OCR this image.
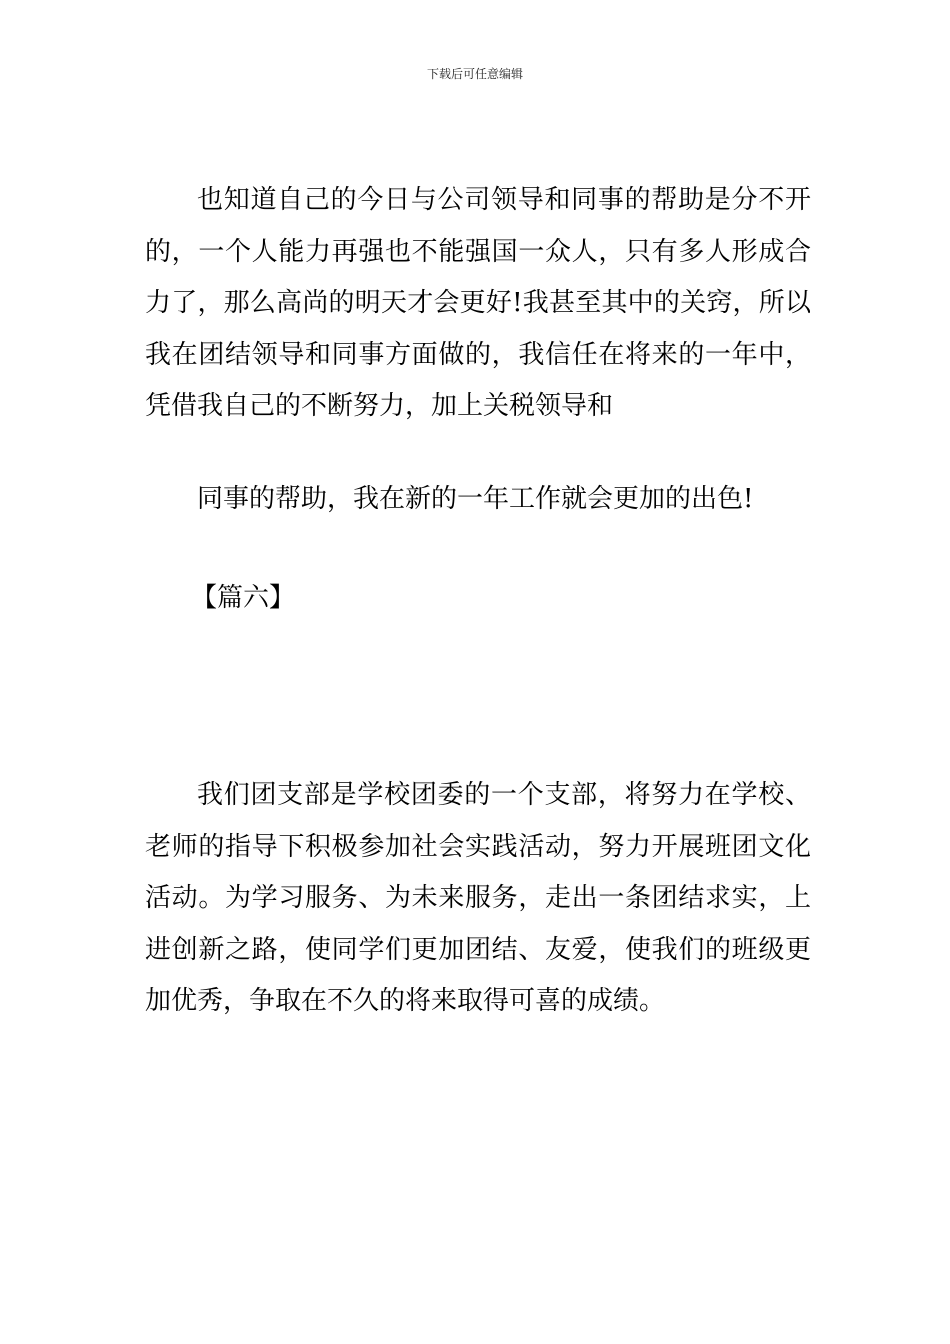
下载后可任意编辑

也知道自己的今日与公司领导和同事的帮助是分不开的，一个人能力再强也不能强国一众人，只有多人形成合力了，那么高尚的明天才会更好!我甚至其中的关窍，所以我在团结领导和同事方面做的，我信任在将来的一年中，凭借我自己的不断努力，加上关税领导和

同事的帮助，我在新的一年工作就会更加的出色!

【篇六】

我们团支部是学校团委的一个支部，将努力在学校、老师的指导下积极参加社会实践活动，努力开展班团文化活动。为学习服务、为未来服务，走出一条团结求实，上进创新之路，使同学们更加团结、友爱，使我们的班级更加优秀，争取在不久的将来取得可喜的成绩。
